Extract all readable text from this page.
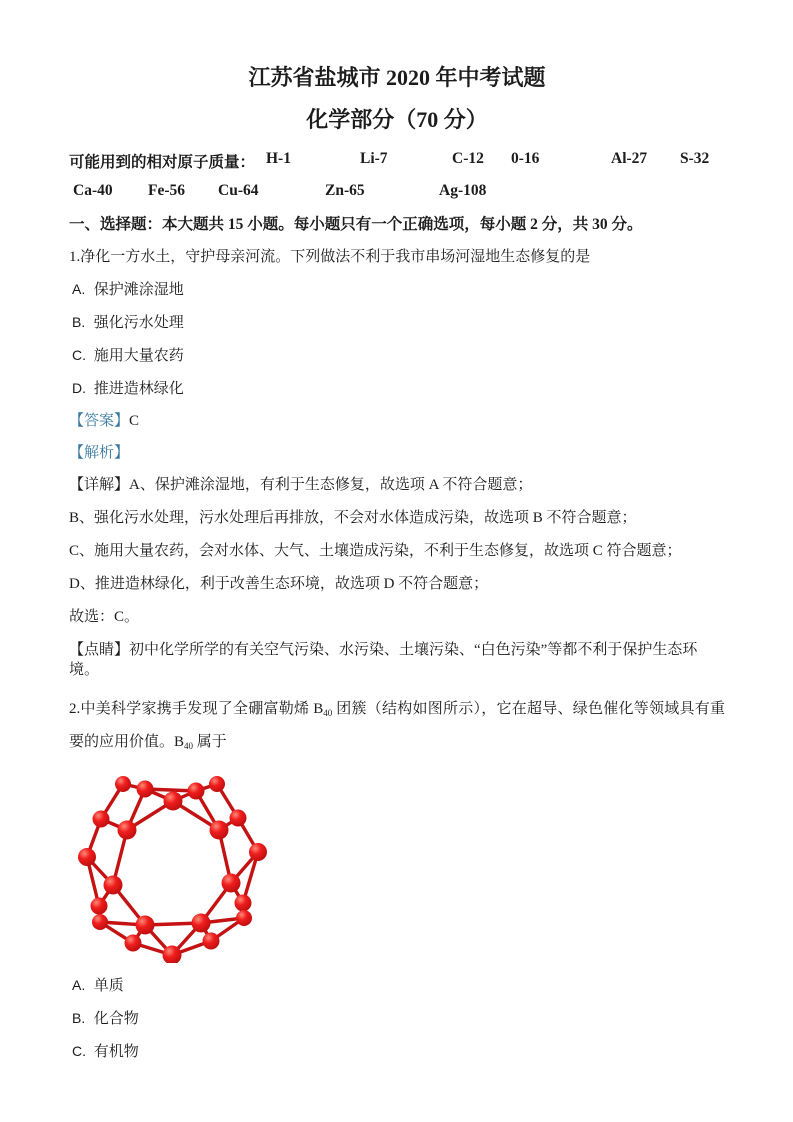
江苏省盐城市 2020 年中考试题
化学部分（70 分）
可能用到的相对原子质量： H-1	Li-7	C-12 0-16	Al-27 S-32
Ca-40 Fe-56 Cu-64	Zn-65	Ag-108
一、选择题：本大题共 15 小题。每小题只有一个正确选项，每小题 2 分，共 30 分。
1.净化一方水土，守护母亲河流。下列做法不利于我市串场河湿地生态修复的是
A. 保护滩涂湿地
B. 强化污水处理
C. 施用大量农药
D. 推进造林绿化
【答案】C
【解析】
【详解】A、保护滩涂湿地，有利于生态修复，故选项 A 不符合题意；
B、强化污水处理，污水处理后再排放，不会对水体造成污染，故选项 B 不符合题意；
C、施用大量农药，会对水体、大气、土壤造成污染，不利于生态修复，故选项 C 符合题意；
D、推进造林绿化，利于改善生态环境，故选项 D 不符合题意；
故选：C。
【点睛】初中化学所学的有关空气污染、水污染、土壤污染、“白色污染”等都不利于保护生态环境。
2.中美科学家携手发现了全硼富勒烯 $B_{40}$ 团簇（结构如图所示），它在超导、绿色催化等领域具有重要的应用价值。$B_{40}$ 属于
A. 单质
B. 化合物
C. 有机物
